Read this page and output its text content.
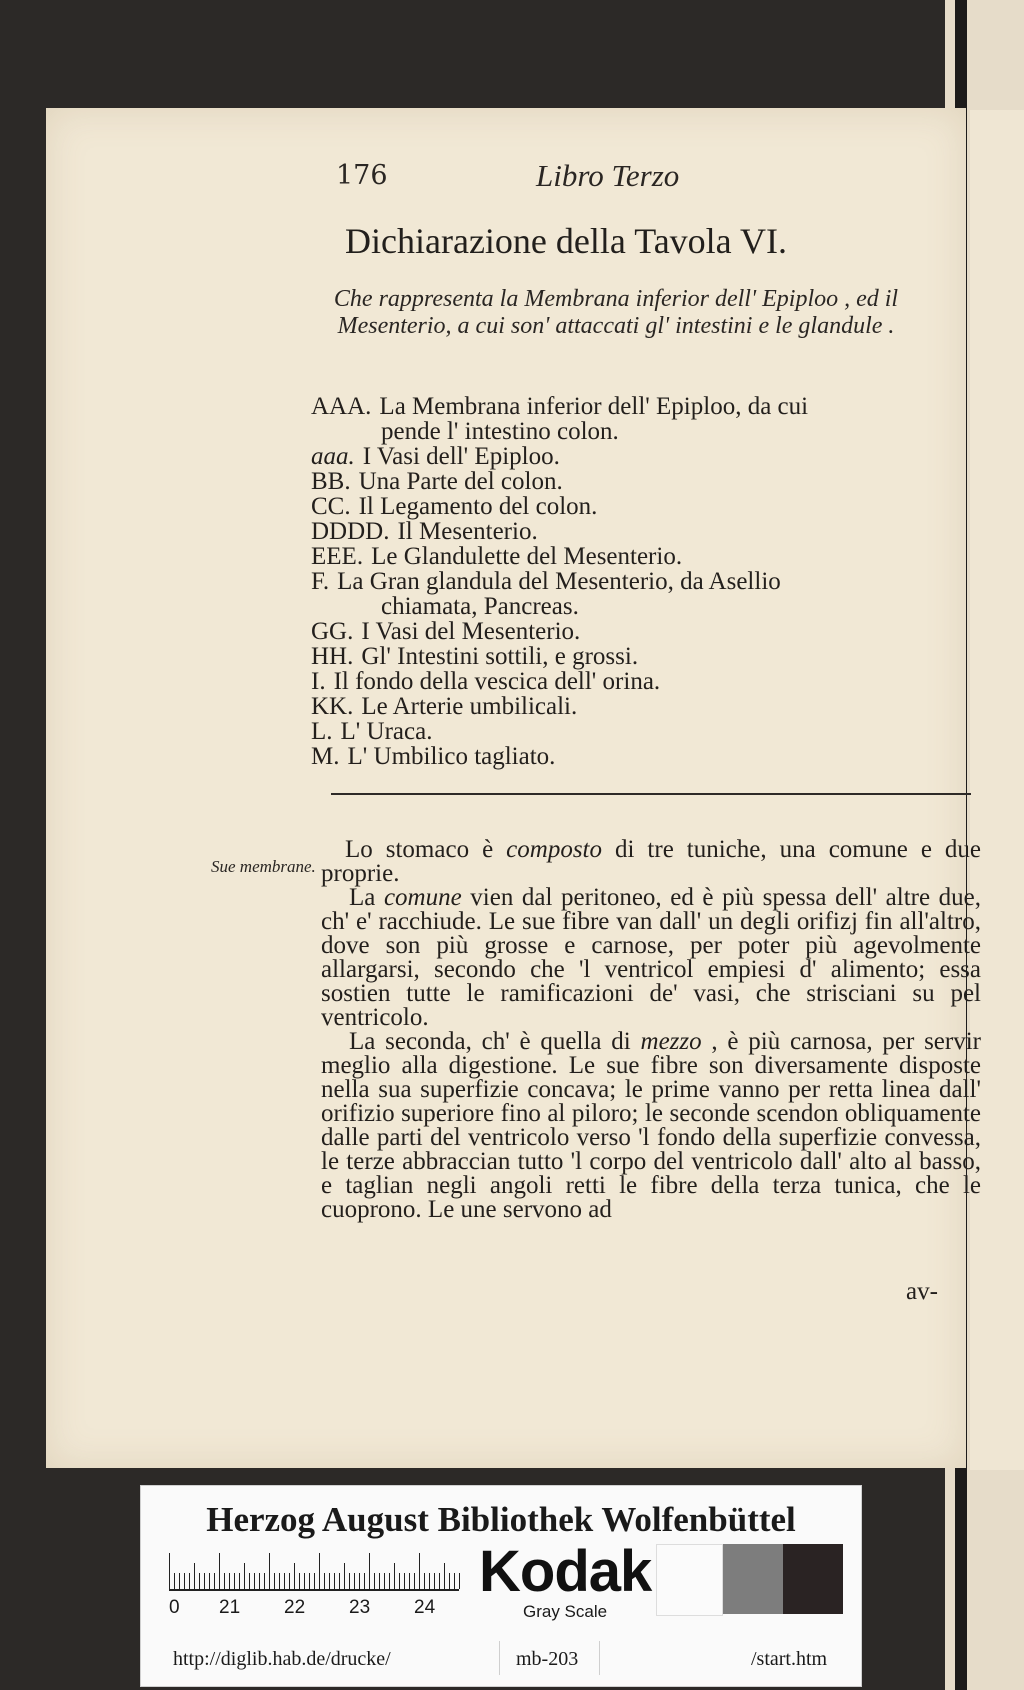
176	Libro Terzo
Dichiarazione della Tavola VI.
Che rappresenta la Membrana inferior dell' Epiploo , ed il Mesenterio, a cui son' attaccati gl' intestini e le glandule .
AAA. La Membrana inferior dell' Epiploo, da cui
pende l' intestino colon.
aaa. I Vasi dell' Epiploo.
BB. Una Parte del colon.
CC. Il Legamento del colon.
DDDD. Il Mesenterio.
EEE. Le Glandulette del Mesenterio.
F. La Gran glandula del Mesenterio, da Asellio
chiamata, Pancreas.
GG. I Vasi del Mesenterio.
HH. Gl' Intestini sottili, e grossi.
I. Il fondo della vescica dell' orina.
KK. Le Arterie umbilicali.
L. L' Uraca.
M. L' Umbilico tagliato.
Sue membrane.

Lo stomaco è composto di tre tuniche, una comune e due proprie.

La comune vien dal peritoneo, ed è più spessa dell' altre due, ch' e' racchiude. Le sue fibre van dall' un degli orifizj fin all'altro, dove son più grosse e carnose, per poter più agevolmente allargarsi, secondo che 'l ventricol empiesi d' alimento; essa sostien tutte le ramificazioni de' vasi, che strisciani su pel ventricolo.

La seconda, ch' è quella di mezzo , è più carnosa, per servir meglio alla digestione. Le sue fibre son diversamente disposte nella sua superfizie concava; le prime vanno per retta linea dall' orifizio superiore fino al piloro; le seconde scendon obliquamente dalle parti del ventricolo verso 'l fondo della superfizie convessa, le terze abbraccian tutto 'l corpo del ventricolo dall' alto al basso, e taglian negli angoli retti le fibre della terza tunica, che le cuoprono. Le une servono ad

av-
Herzog August Bibliothek Wolfenbüttel
0 21 22 23 24
Kodak
Gray Scale
http://diglib.hab.de/drucke/	mb-203	/start.htm
